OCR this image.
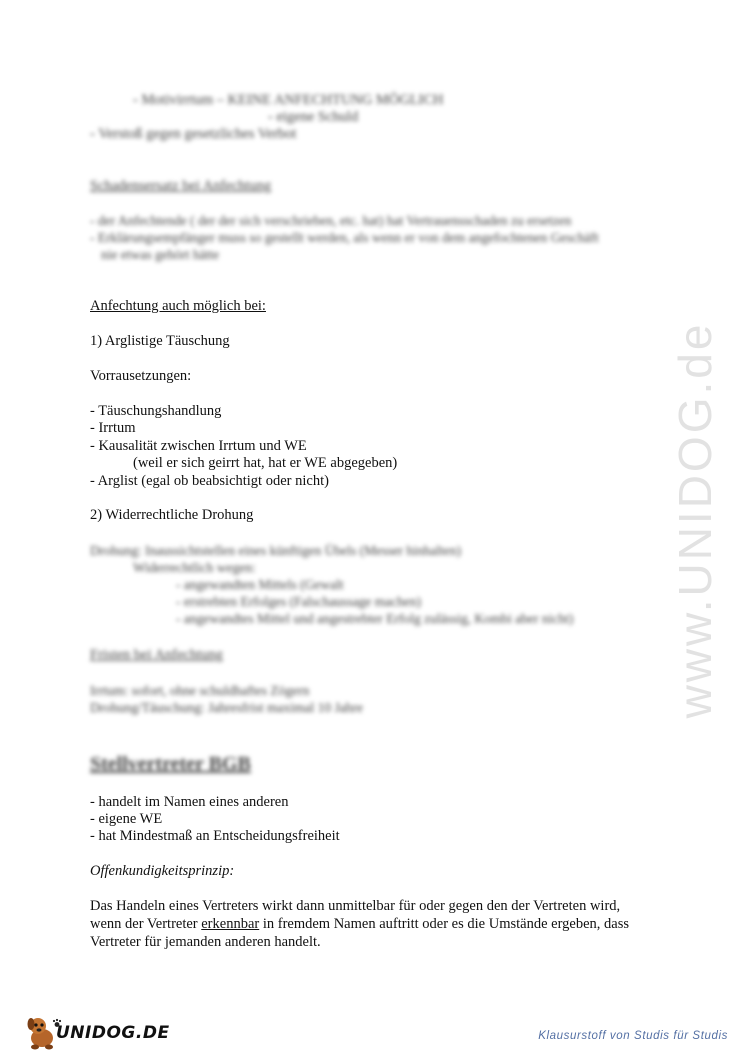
www.UNIDOG.de
- Motivirrtum – KEINE ANFECHTUNG MÖGLICH
- eigene Schuld
- Verstoß gegen gesetzliches Verbot
Schadensersatz bei Anfechtung
- der Anfechtende ( der der sich verschrieben, etc. hat) hat Vertrauensschaden zu ersetzen
- Erklärungsempfänger muss so gestellt werden, als wenn er von dem angefochtenen Geschäft
nie etwas gehört hätte
Anfechtung auch möglich bei:
1) Arglistige Täuschung
Vorrausetzungen:
- Täuschungshandlung
- Irrtum
- Kausalität zwischen Irrtum und WE
(weil er sich geirrt hat, hat er WE abgegeben)
- Arglist (egal ob beabsichtigt oder nicht)
2) Widerrechtliche Drohung
Drohung: Inaussichtstellen eines künftigen Übels (Messer hinhalten)
Widerrechtlich wegen:
- angewandten Mittels (Gewalt
- erstrebten Erfolges (Falschaussage machen)
- angewandtes Mittel und angestrebter Erfolg zulässig, Kombi aber nicht)
Fristen bei Anfechtung
Irrtum: sofort, ohne schuldhaftes Zögern
Drohung/Täuschung: Jahresfrist maximal 10 Jahre
Stellvertreter BGB
- handelt im Namen eines anderen
- eigene WE
- hat Mindestmaß an Entscheidungsfreiheit
Offenkundigkeitsprinzip:
Das Handeln eines Vertreters wirkt dann unmittelbar für oder gegen den der Vertreten wird,
wenn der Vertreter erkennbar in fremdem Namen auftritt oder es die Umstände ergeben, dass
Vertreter für jemanden anderen handelt.
UNIDOG.DE	Klausurstoff von Studis für Studis
